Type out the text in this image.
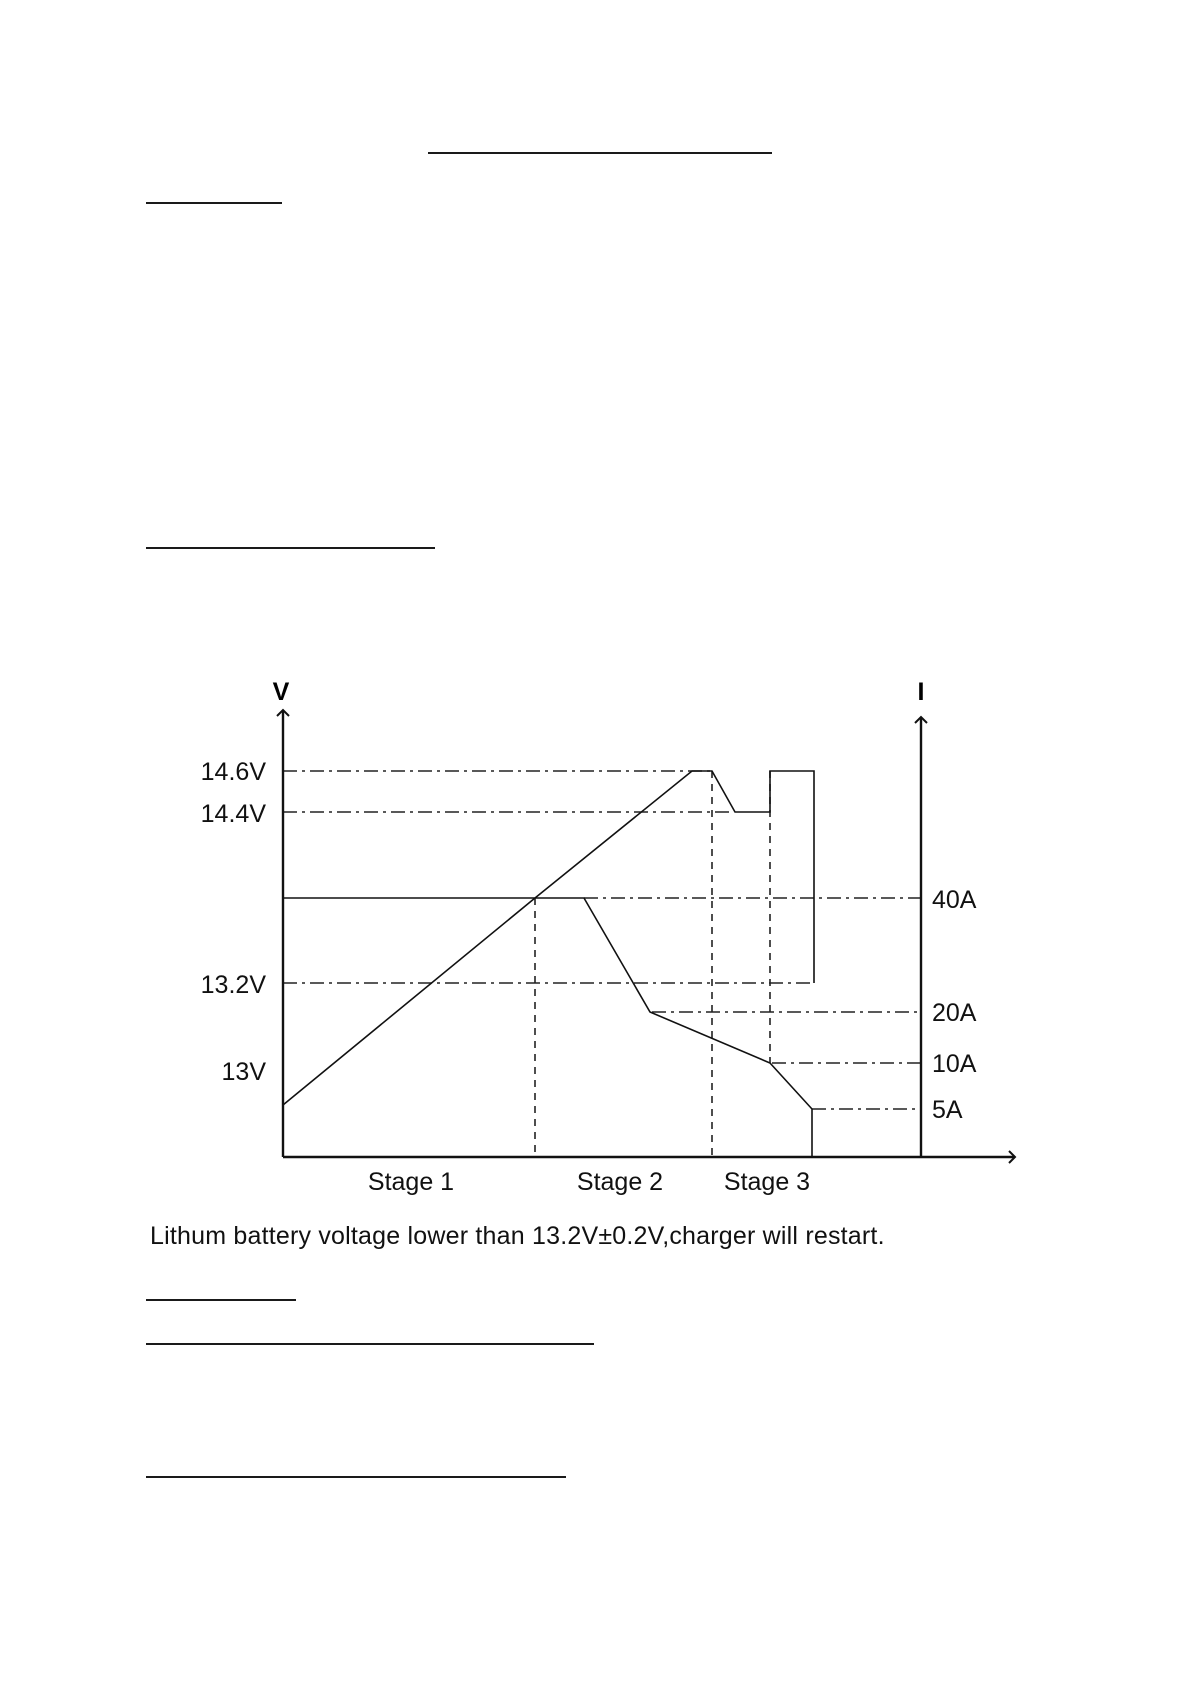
V	I
14.6V
14.4V
13.2V
13V
40A
20A
10A
5A
Stage 1	Stage 2 Stage 3
Lithum battery voltage lower than 13.2V±0.2V,charger will restart.
